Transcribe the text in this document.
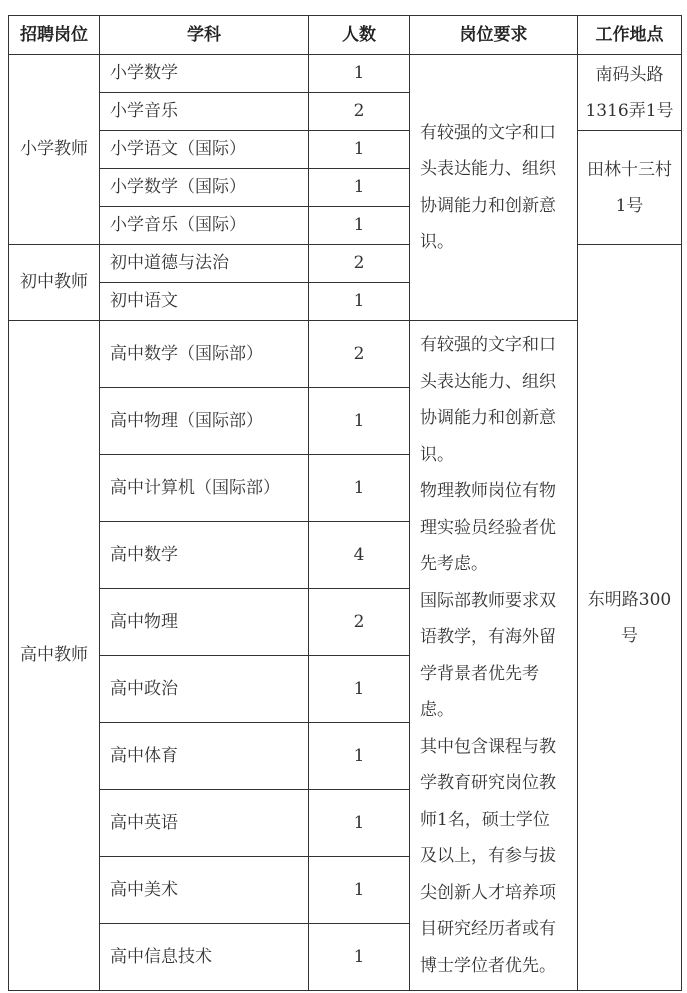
招聘岗位	学科	人数	岗位要求	工作地点
小学教师	小学数学	1	有较强的文字和口头表达能力、组织协调能力和创新意识。	南码头路1316弄1号
	小学音乐	2		
	小学语文（国际）	1		田林十三村1号
	小学数学（国际）	1		
	小学音乐（国际）	1		
初中教师	初中道德与法治	2		东明路300号
	初中语文	1		
高中教师	高中数学（国际部）	2	有较强的文字和口头表达能力、组织协调能力和创新意识。

物理教师岗位有物理实验员经验者优先考虑。

国际部教师要求双语教学，有海外留学背景者优先考虑。

其中包含课程与教学教育研究岗位教师1名，硕士学位及以上，有参与拔尖创新人才培养项目研究经历者或有博士学位者优先。	

	高中物理（国际部）	1		
	高中计算机（国际部）	1		
	高中数学	4		
	高中物理	2		
	高中政治	1		
	高中体育	1		
	高中英语	1		
	高中美术	1		
	高中信息技术	1		
